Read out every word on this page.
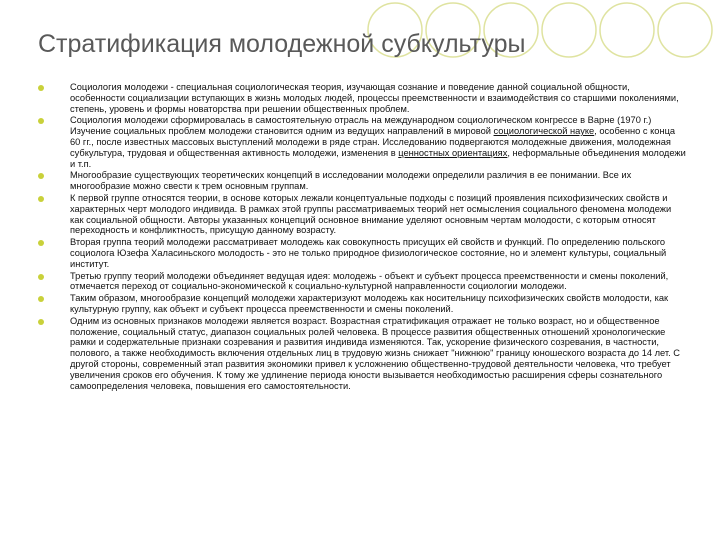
Стратификация молодежной субкультуры
Социология молодежи - специальная социологическая теория, изучающая сознание и поведение данной социальной общности, особенности социализации вступающих в жизнь молодых людей, процессы преемственности и взаимодействия со старшими поколениями, степень, уровень и формы новаторства при решении общественных проблем.
Социология молодежи сформировалась в самостоятельную отрасль на международном социологическом конгрессе в Варне (1970 г.) Изучение социальных проблем молодежи становится одним из ведущих направлений в мировой социологической науке, особенно с конца 60 гг., после известных массовых выступлений молодежи в ряде стран. Исследованию подвергаются молодежные движения, молодежная субкультура, трудовая и общественная активность молодежи, изменения в ценностных ориентациях, неформальные объединения молодежи и т.п.
Многообразие существующих теоретических концепций в исследовании молодежи определили различия в ее понимании. Все их многообразие можно свести к трем основным группам.
К первой группе относятся теории, в основе которых лежали концептуальные подходы с позиций проявления психофизических свойств и характерных черт молодого индивида. В рамках этой группы рассматриваемых теорий нет осмысления социального феномена молодежи как социальной общности. Авторы указанных концепций основное внимание уделяют основным чертам молодости, с которым относят переходность и конфликтность, присущую данному возрасту.
Вторая группа теорий молодежи рассматривает молодежь как совокупность присущих ей свойств и функций. По определению польского социолога Юзефа Халасиньского молодость - это не только природное физиологическое состояние, но и элемент культуры, социальный институт.
Третью группу теорий молодежи объединяет ведущая идея: молодежь - объект и субъект процесса преемственности и смены поколений, отмечается переход от социально-экономической к социально-культурной направленности социологии молодежи.
Таким образом, многообразие концепций молодежи характеризуют молодежь как носительницу психофизических свойств молодости, как культурную группу, как объект и субъект процесса преемственности и смены поколений.
Одним из основных признаков молодежи является возраст. Возрастная стратификация отражает не только возраст, но и общественное положение, социальный статус, диапазон социальных ролей человека. В процессе развития общественных отношений хронологические рамки и содержательные признаки созревания и развития индивида изменяются. Так, ускорение физического созревания, в частности, полового, а также необходимость включения отдельных лиц в трудовую жизнь снижает "нижнюю" границу юношеского возраста до 14 лет. С другой стороны, современный этап развития экономики привел к усложнению общественно-трудовой деятельности человека, что требует увеличения сроков его обучения. К тому же удлинение периода юности вызывается необходимостью расширения сферы сознательного самоопределения человека, повышения его самостоятельности.
